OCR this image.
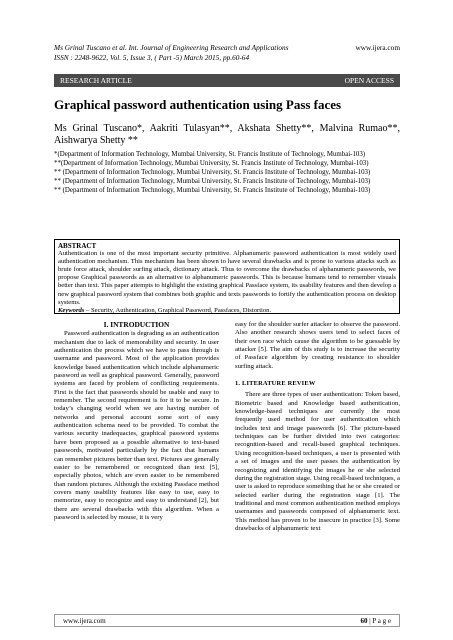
Ms Grinal Tuscano et al. Int. Journal of Engineering Research and Applications	www.ijera.com
ISSN : 2248-9622, Vol. 5, Issue 3, ( Part -5) March 2015, pp.60-64
RESEARCH ARTICLE	OPEN ACCESS
Graphical password authentication using Pass faces
Ms Grinal Tuscano*, Aakriti Tulasyan**, Akshata Shetty**, Malvina Rumao**, Aishwarya Shetty **

*(Department of Information Technology, Mumbai University, St. Francis Institute of Technology, Mumbai-103)

**(Department of Information Technology, Mumbai University, St. Francis Institute of Technology, Mumbai-103)

** (Department of Information Technology, Mumbai University, St. Francis Institute of Technology, Mumbai-103)

** (Department of Information Technology, Mumbai University, St. Francis Institute of Technology, Mumbai-103)

** (Department of Information Technology, Mumbai University, St. Francis Institute of Technology, Mumbai-103)

ABSTRACT
Authentication is one of the most important security primitive. Alphanumeric password authentication is most widely used authentication mechanism. This mechanism has been shown to have several drawbacks and is prone to various attacks such as brute force attack, shoulder surfing attack, dictionary attack. Thus to overcome the drawbacks of alphanumeric passwords, we propose Graphical passwords as an alternative to alphanumeric passwords. This is because humans tend to remember visuals better than text. This paper attempts to highlight the existing graphical Passface system, its usability features and then develop a new graphical password system that combines both graphic and texts passwords to fortify the authentication process on desktop systems.
Keywords – Security, Authentication, Graphical Password, Passfaces, Distortion.
I. INTRODUCTION

Password authentication is degrading as an authentication mechanism due to lack of memorability and security. In user authentication the process which we have to pass through is username and password. Most of the application provides knowledge based authentication which include alphanumeric password as well as graphical password. Generally, password systems are faced by problem of conflicting requirements. First is the fact that passwords should be usable and easy to remember. The second requirement is for it to be secure. In today’s changing world when we are having number of networks and personal account some sort of easy authentication schema need to be provided. To combat the various security inadequacies, graphical password systems have been proposed as a possible alternative to text-based passwords, motivated particularly by the fact that humans can remember pictures better than text. Pictures are generally easier to be remembered or recognized than text [5], especially photos, which are even easier to be remembered than random pictures. Although the existing Passface method covers many usability features like easy to use, easy to memorize, easy to recognize and easy to understand [2], but there are several drawbacks with this algorithm. When a password is selected by mouse, it is very

easy for the shoulder surfer attacker to observe the password. Also another research shows users tend to select faces of their own race which cause the algorithm to be guessable by attacker [5]. The aim of this study is to increase the security of Passface algorithm by creating resistance to shoulder surfing attack.

1. LITERATURE REVIEW

There are three types of user authentication: Token based, Biometric based and Knowledge based authentication, knowledge-based techniques are currently the most frequently used method for user authentication which includes text and image passwords [6]. The picture-based techniques can be further divided into two categories: recognition-based and recall-based graphical techniques. Using recognition-based techniques, a user is presented with a set of images and the user passes the authentication by recognizing and identifying the images he or she selected during the registration stage. Using recall-based techniques, a user is asked to reproduce something that he or she created or selected earlier during the registration stage [1]. The traditional and most common authentication method employs usernames and passwords composed of alphanumeric text. This method has proven to be insecure in practice [3]. Some drawbacks of alphanumeric text

www.ijera.com	60 | P a g e
